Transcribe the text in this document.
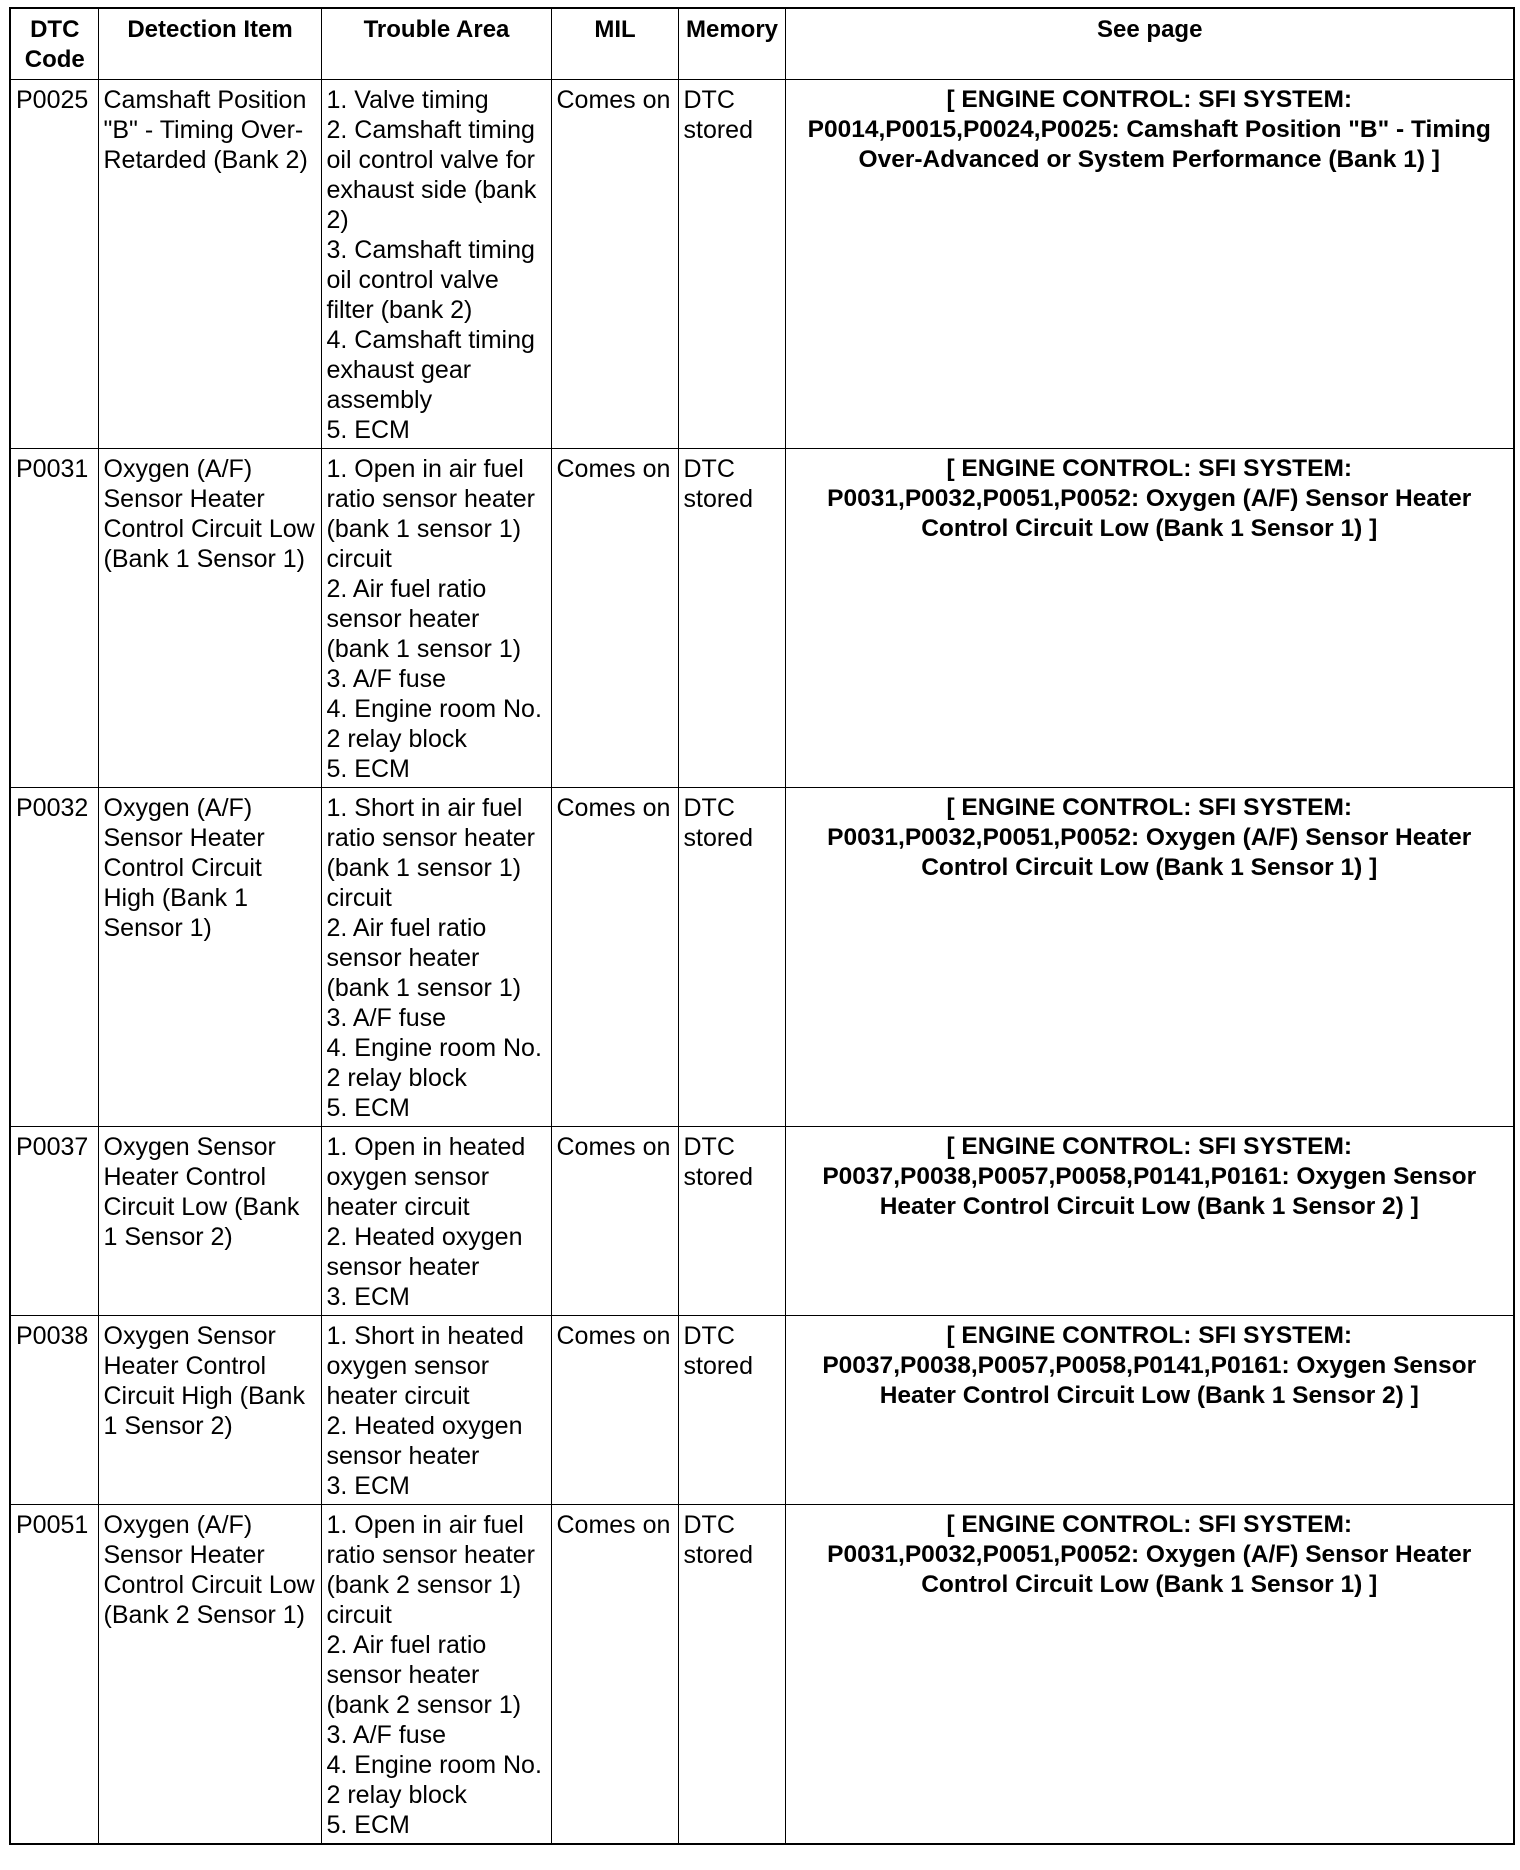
DTC Code	Detection Item	Trouble Area	MIL	Memory	See page
P0025	Camshaft Position "B" - Timing Over-Retarded (Bank 2)	1. Valve timing
2. Camshaft timing oil control valve for exhaust side (bank 2)
3. Camshaft timing oil control valve filter (bank 2)
4. Camshaft timing exhaust gear assembly
5. ECM	Comes on	DTC stored	[ ENGINE CONTROL: SFI SYSTEM: P0014,P0015,P0024,P0025: Camshaft Position "B" - Timing Over-Advanced or System Performance (Bank 1) ]
P0031	Oxygen (A/F) Sensor Heater Control Circuit Low (Bank 1 Sensor 1)	1. Open in air fuel ratio sensor heater (bank 1 sensor 1) circuit
2. Air fuel ratio sensor heater (bank 1 sensor 1)
3. A/F fuse
4. Engine room No. 2 relay block
5. ECM	Comes on	DTC stored	[ ENGINE CONTROL: SFI SYSTEM: P0031,P0032,P0051,P0052: Oxygen (A/F) Sensor Heater Control Circuit Low (Bank 1 Sensor 1) ]
P0032	Oxygen (A/F) Sensor Heater Control Circuit High (Bank 1 Sensor 1)	1. Short in air fuel ratio sensor heater (bank 1 sensor 1) circuit
2. Air fuel ratio sensor heater (bank 1 sensor 1)
3. A/F fuse
4. Engine room No. 2 relay block
5. ECM	Comes on	DTC stored	[ ENGINE CONTROL: SFI SYSTEM: P0031,P0032,P0051,P0052: Oxygen (A/F) Sensor Heater Control Circuit Low (Bank 1 Sensor 1) ]
P0037	Oxygen Sensor Heater Control Circuit Low (Bank 1 Sensor 2)	1. Open in heated oxygen sensor heater circuit
2. Heated oxygen sensor heater
3. ECM	Comes on	DTC stored	[ ENGINE CONTROL: SFI SYSTEM: P0037,P0038,P0057,P0058,P0141,P0161: Oxygen Sensor Heater Control Circuit Low (Bank 1 Sensor 2) ]
P0038	Oxygen Sensor Heater Control Circuit High (Bank 1 Sensor 2)	1. Short in heated oxygen sensor heater circuit
2. Heated oxygen sensor heater
3. ECM	Comes on	DTC stored	[ ENGINE CONTROL: SFI SYSTEM: P0037,P0038,P0057,P0058,P0141,P0161: Oxygen Sensor Heater Control Circuit Low (Bank 1 Sensor 2) ]
P0051	Oxygen (A/F) Sensor Heater Control Circuit Low (Bank 2 Sensor 1)	1. Open in air fuel ratio sensor heater (bank 2 sensor 1) circuit
2. Air fuel ratio sensor heater (bank 2 sensor 1)
3. A/F fuse
4. Engine room No. 2 relay block
5. ECM	Comes on	DTC stored	[ ENGINE CONTROL: SFI SYSTEM: P0031,P0032,P0051,P0052: Oxygen (A/F) Sensor Heater Control Circuit Low (Bank 1 Sensor 1) ]
